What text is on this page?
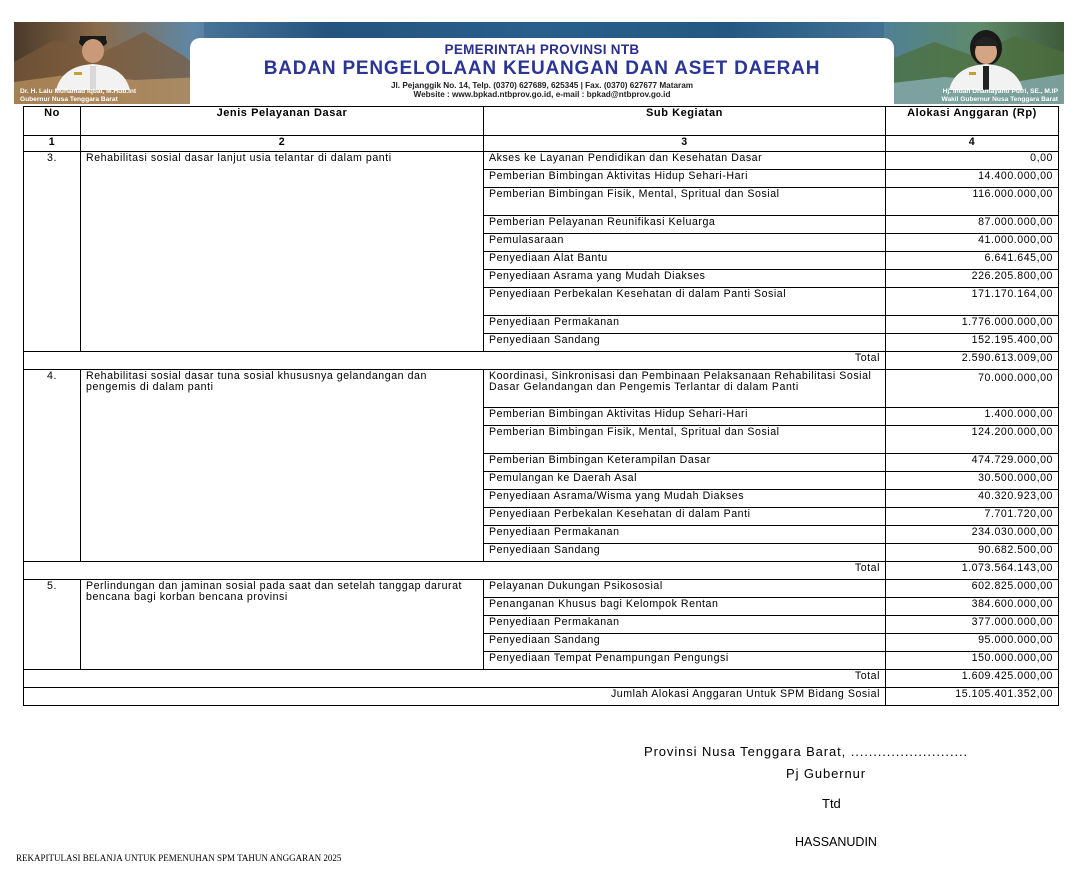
PEMERINTAH PROVINSI NTB
BADAN PENGELOLAAN KEUANGAN DAN ASET DAERAH
Jl. Pejanggik No. 14, Telp. (0370) 627689, 625345 | Fax. (0370) 627677 Mataram
Website : www.bpkad.ntbprov.go.id, e-mail : bpkad@ntbprov.go.id
Dr. H. Lalu Muhamad Iqbal, M.Hub.Int
Gubernur Nusa Tenggara Barat
Hj. Indah Dhamayanti Putri, SE., M.IP
Wakil Gubernur Nusa Tenggara Barat
No	Jenis Pelayanan Dasar	Sub Kegiatan	Alokasi Anggaran (Rp)
1	2	3	4
3.	Rehabilitasi sosial dasar lanjut usia telantar di dalam panti	Akses ke Layanan Pendidikan dan Kesehatan Dasar	0,00
		Pemberian Bimbingan Aktivitas Hidup Sehari-Hari	14.400.000,00
		Pemberian Bimbingan Fisik, Mental, Spritual dan Sosial	116.000.000,00
		Pemberian Pelayanan Reunifikasi Keluarga	87.000.000,00
		Pemulasaraan	41.000.000,00
		Penyediaan Alat Bantu	6.641.645,00
		Penyediaan Asrama yang Mudah Diakses	226.205.800,00
		Penyediaan Perbekalan Kesehatan di dalam Panti Sosial	171.170.164,00
		Penyediaan Permakanan	1.776.000.000,00
		Penyediaan Sandang	152.195.400,00
Total			2.590.613.009,00
4.	Rehabilitasi sosial dasar tuna sosial khususnya gelandangan dan pengemis di dalam panti	Koordinasi, Sinkronisasi dan Pembinaan Pelaksanaan Rehabilitasi Sosial Dasar Gelandangan dan Pengemis Terlantar di dalam Panti	70.000.000,00
		Pemberian Bimbingan Aktivitas Hidup Sehari-Hari	1.400.000,00
		Pemberian Bimbingan Fisik, Mental, Spritual dan Sosial	124.200.000,00
		Pemberian Bimbingan Keterampilan Dasar	474.729.000,00
		Pemulangan ke Daerah Asal	30.500.000,00
		Penyediaan Asrama/Wisma yang Mudah Diakses	40.320.923,00
		Penyediaan Perbekalan Kesehatan di dalam Panti	7.701.720,00
		Penyediaan Permakanan	234.030.000,00
		Penyediaan Sandang	90.682.500,00
Total			1.073.564.143,00
5.	Perlindungan dan jaminan sosial pada saat dan setelah tanggap darurat bencana bagi korban bencana provinsi	Pelayanan Dukungan Psikososial	602.825.000,00
		Penanganan Khusus bagi Kelompok Rentan	384.600.000,00
		Penyediaan Permakanan	377.000.000,00
		Penyediaan Sandang	95.000.000,00
		Penyediaan Tempat Penampungan Pengungsi	150.000.000,00
Total			1.609.425.000,00
Jumlah Alokasi Anggaran Untuk SPM Bidang Sosial			15.105.401.352,00
Provinsi Nusa Tenggara Barat, ..........................
Pj Gubernur
Ttd
HASSANUDIN
REKAPITULASI BELANJA UNTUK PEMENUHAN SPM TAHUN ANGGARAN 2025
